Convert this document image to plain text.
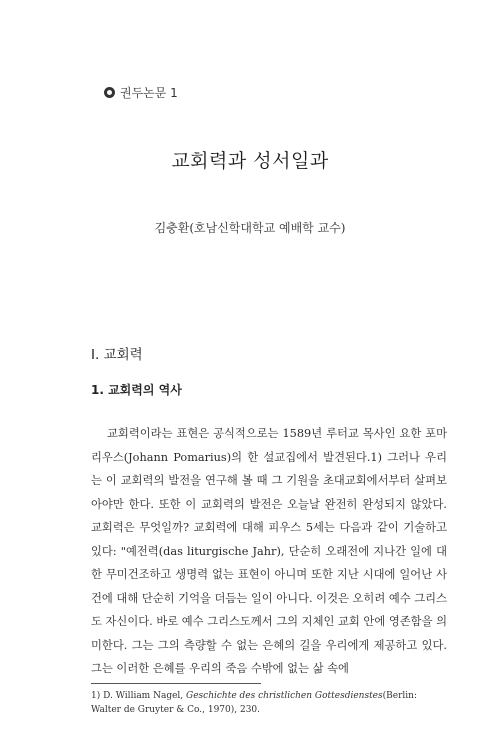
권두논문 1
교회력과 성서일과
김충환(호남신학대학교 예배학 교수)
I. 교회력
1. 교회력의 역사

교회력이라는 표현은 공식적으로는 1589년 루터교 목사인 요한 포마리우스(Johann Pomarius)의 한 설교집에서 발견된다.1) 그러나 우리는 이 교회력의 발전을 연구해 볼 때 그 기원을 초대교회에서부터 살펴보아야만 한다. 또한 이 교회력의 발전은 오늘날 완전히 완성되지 않았다. 교회력은 무엇일까? 교회력에 대해 피우스 5세는 다음과 같이 기술하고 있다: "예전력(das liturgische Jahr), 단순히 오래전에 지나간 일에 대한 무미건조하고 생명력 없는 표현이 아니며 또한 지난 시대에 일어난 사건에 대해 단순히 기억을 더듬는 일이 아니다. 이것은 오히려 예수 그리스도 자신이다. 바로 예수 그리스도께서 그의 지체인 교회 안에 영존함을 의미한다. 그는 그의 측량할 수 없는 은혜의 길을 우리에게 제공하고 있다. 그는 이러한 은혜를 우리의 죽음 수밖에 없는 삶 속에

1) D. William Nagel, Geschichte des christlichen Gottesdienstes(Berlin: Walter de Gruyter & Co., 1970), 230.
